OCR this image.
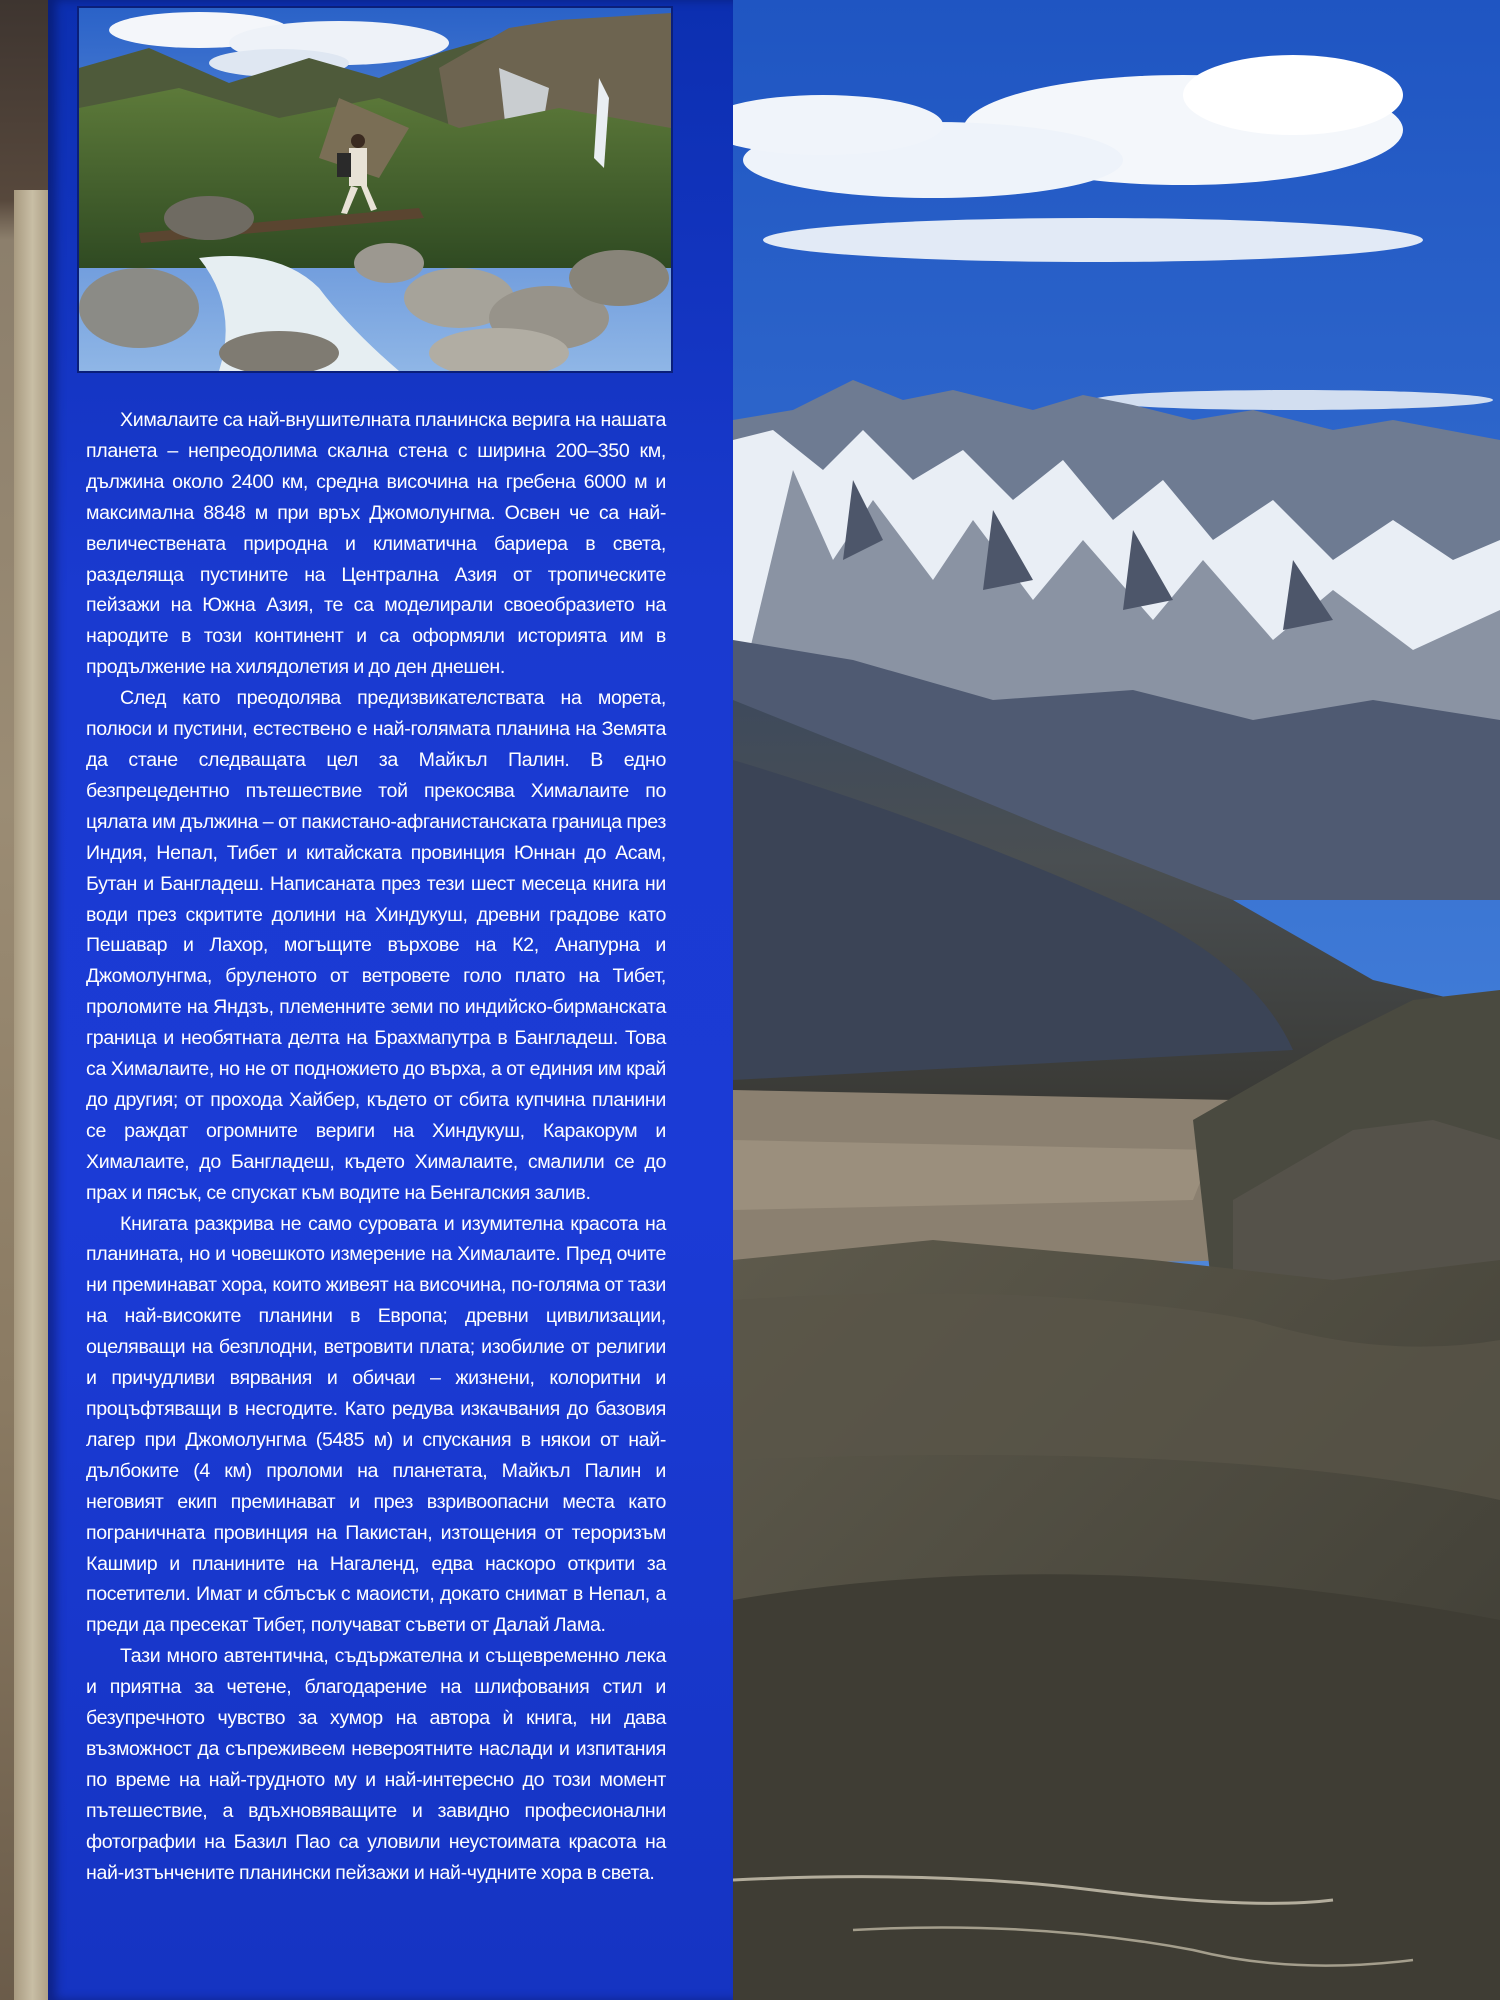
Хималаите са най-внушителната планинска верига на нашата планета – непреодолима скална стена с ширина 200–350 км, дължина около 2400 км, средна височина на гребена 6000 м и максимална 8848 м при връх Джомолунгма. Освен че са най-величествената природна и климатична бариера в света, разделяща пустините на Централна Азия от тропическите пейзажи на Южна Азия, те са моделирали своеобразието на народите в този континент и са оформяли историята им в продължение на хилядолетия и до ден днешен.

След като преодолява предизвикателствата на морета, полюси и пустини, естествено е най-голямата планина на Земята да стане следващата цел за Майкъл Палин. В едно безпрецедентно пътешествие той прекосява Хималаите по цялата им дължина – от пакистано-афганистанската граница през Индия, Непал, Тибет и китайската провинция Юннан до Асам, Бутан и Бангладеш. Написаната през тези шест месеца книга ни води през скритите долини на Хиндукуш, древни градове като Пешавар и Лахор, могъщите върхове на К2, Анапурна и Джомолунгма, бруленото от ветровете голо плато на Тибет, проломите на Яндзъ, племенните земи по индийско-бирманската граница и необятната делта на Брахмапутра в Бангладеш. Това са Хималаите, но не от подножието до върха, а от единия им край до другия; от прохода Хайбер, където от сбита купчина планини се раждат огромните вериги на Хиндукуш, Каракорум и Хималаите, до Бангладеш, където Хималаите, смалили се до прах и пясък, се спускат към водите на Бенгалския залив.

Книгата разкрива не само суровата и изумителна красота на планината, но и човешкото измерение на Хималаите. Пред очите ни преминават хора, които живеят на височина, по-голяма от тази на най-високите планини в Европа; древни цивилизации, оцеляващи на безплодни, ветровити плата; изобилие от религии и причудливи вярвания и обичаи – жизнени, колоритни и процъфтяващи в несгодите. Като редува изкачвания до базовия лагер при Джомолунгма (5485 м) и спускания в някои от най-дълбоките (4 км) проломи на планетата, Майкъл Палин и неговият екип преминават и през взривоопасни места като пограничната провинция на Пакистан, изтощения от тероризъм Кашмир и планините на Нагаленд, едва наскоро открити за посетители. Имат и сблъсък с маоисти, докато снимат в Непал, а преди да пресекат Тибет, получават съвети от Далай Лама.

Тази много автентична, съдържателна и същевременно лека и приятна за четене, благодарение на шлифования стил и безупречното чувство за хумор на автора ѝ книга, ни дава възможност да съпреживеем невероятните наслади и изпитания по време на най-трудното му и най-интересно до този момент пътешествие, а вдъхновяващите и завидно професионални фотографии на Базил Пао са уловили неустоимата красота на най-изтънчените планински пейзажи и най-чудните хора в света.
